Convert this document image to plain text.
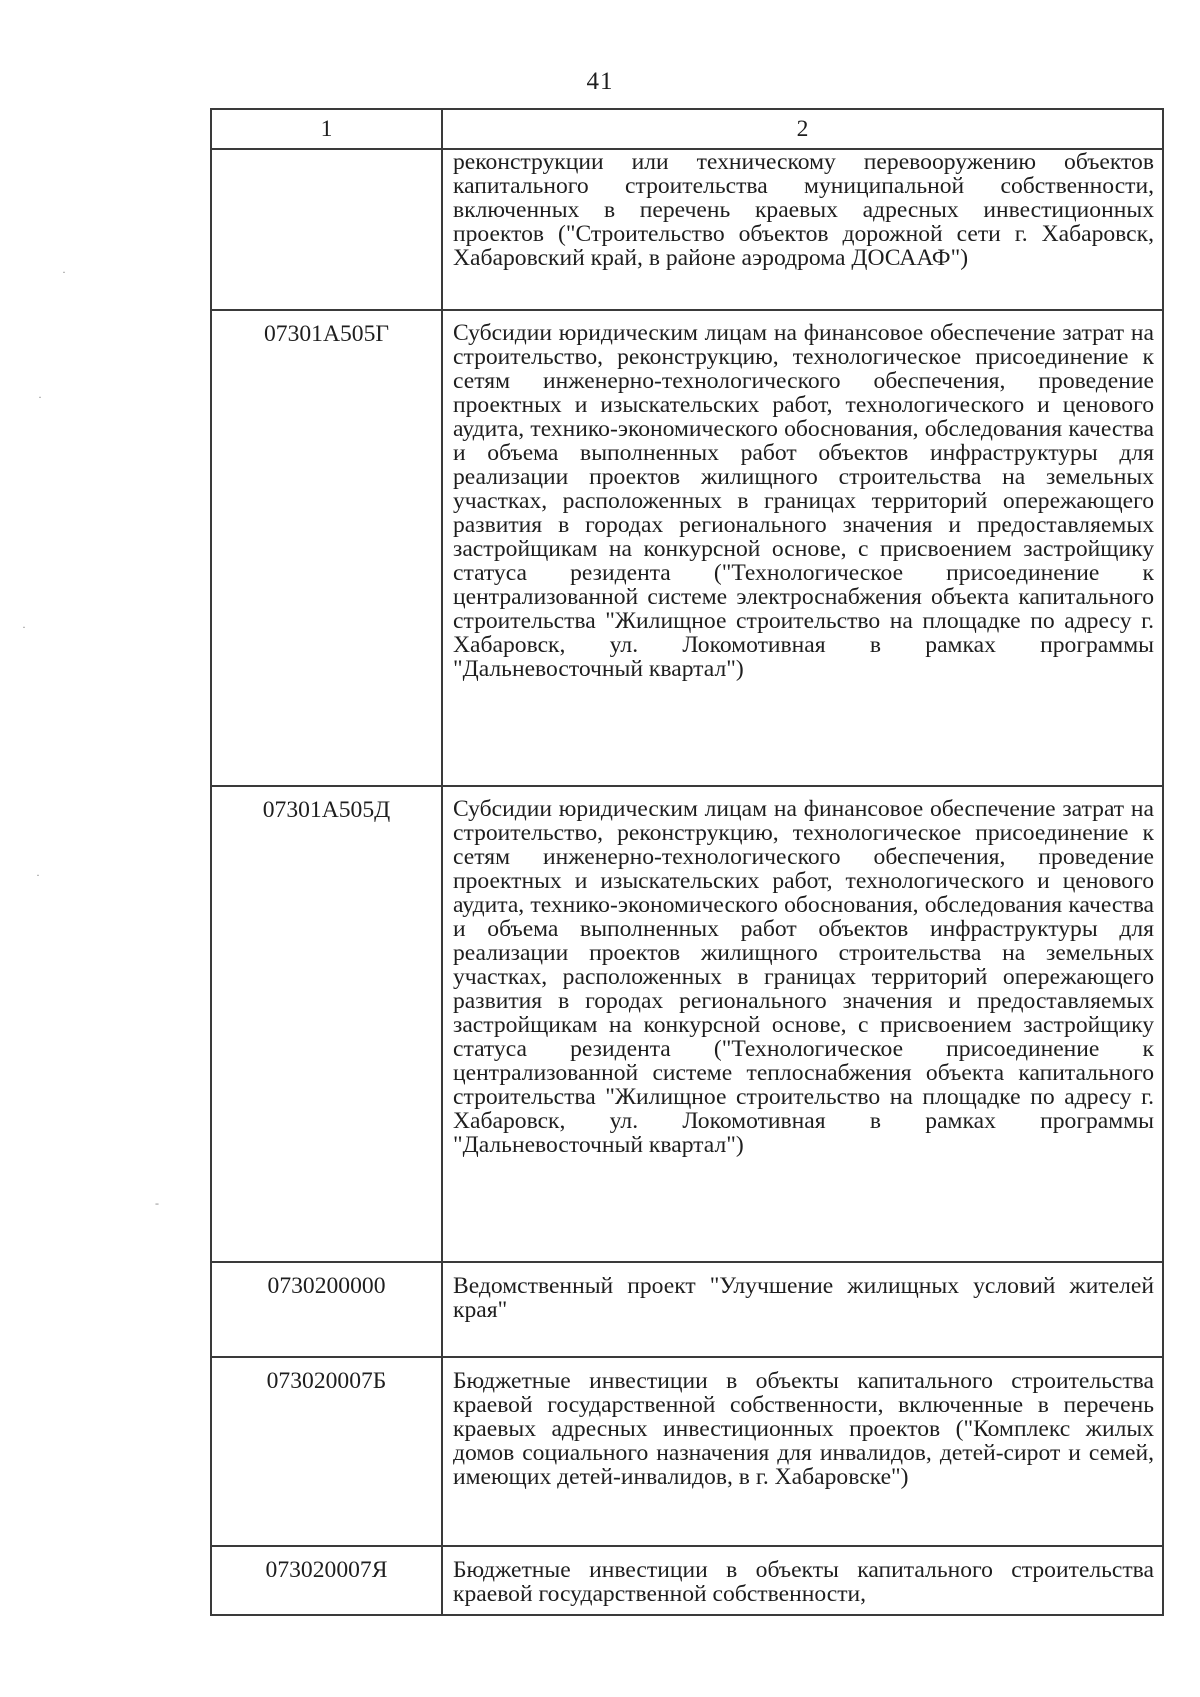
41
1	2
	реконструкции или техническому перевооружению объектов капитального строительства муниципальной собственности, включенных в перечень краевых адресных инвестиционных проектов ("Строительство объектов дорожной сети г. Хабаровск, Хабаровский край, в районе аэродрома ДОСААФ")
07301А505Г	Субсидии юридическим лицам на финансовое обеспечение затрат на строительство, реконструкцию, технологическое присоединение к сетям инженерно-технологического обеспечения, проведение проектных и изыскательских работ, технологического и ценового аудита, технико-экономического обоснования, обследования качества и объема выполненных работ объектов инфраструктуры для реализации проектов жилищного строительства на земельных участках, расположенных в границах территорий опережающего развития в городах регионального значения и предоставляемых застройщикам на конкурсной основе, с присвоением застройщику статуса резидента ("Технологическое присоединение к централизованной системе электроснабжения объекта капитального строительства "Жилищное строительство на площадке по адресу г. Хабаровск, ул. Локомотивная в рамках программы "Дальневосточный квартал")
07301А505Д	Субсидии юридическим лицам на финансовое обеспечение затрат на строительство, реконструкцию, технологическое присоединение к сетям инженерно-технологического обеспечения, проведение проектных и изыскательских работ, технологического и ценового аудита, технико-экономического обоснования, обследования качества и объема выполненных работ объектов инфраструктуры для реализации проектов жилищного строительства на земельных участках, расположенных в границах территорий опережающего развития в городах регионального значения и предоставляемых застройщикам на конкурсной основе, с присвоением застройщику статуса резидента ("Технологическое присоединение к централизованной системе теплоснабжения объекта капитального строительства "Жилищное строительство на площадке по адресу г. Хабаровск, ул. Локомотивная в рамках программы "Дальневосточный квартал")
0730200000	Ведомственный проект "Улучшение жилищных условий жителей края"
073020007Б	Бюджетные инвестиции в объекты капитального строительства краевой государственной собственности, включенные в перечень краевых адресных инвестиционных проектов ("Комплекс жилых домов социального назначения для инвалидов, детей-сирот и семей, имеющих детей-инвалидов, в г. Хабаровске")
073020007Я	Бюджетные инвестиции в объекты капитального строительства краевой государственной собственности,
·
·
·
·
-
